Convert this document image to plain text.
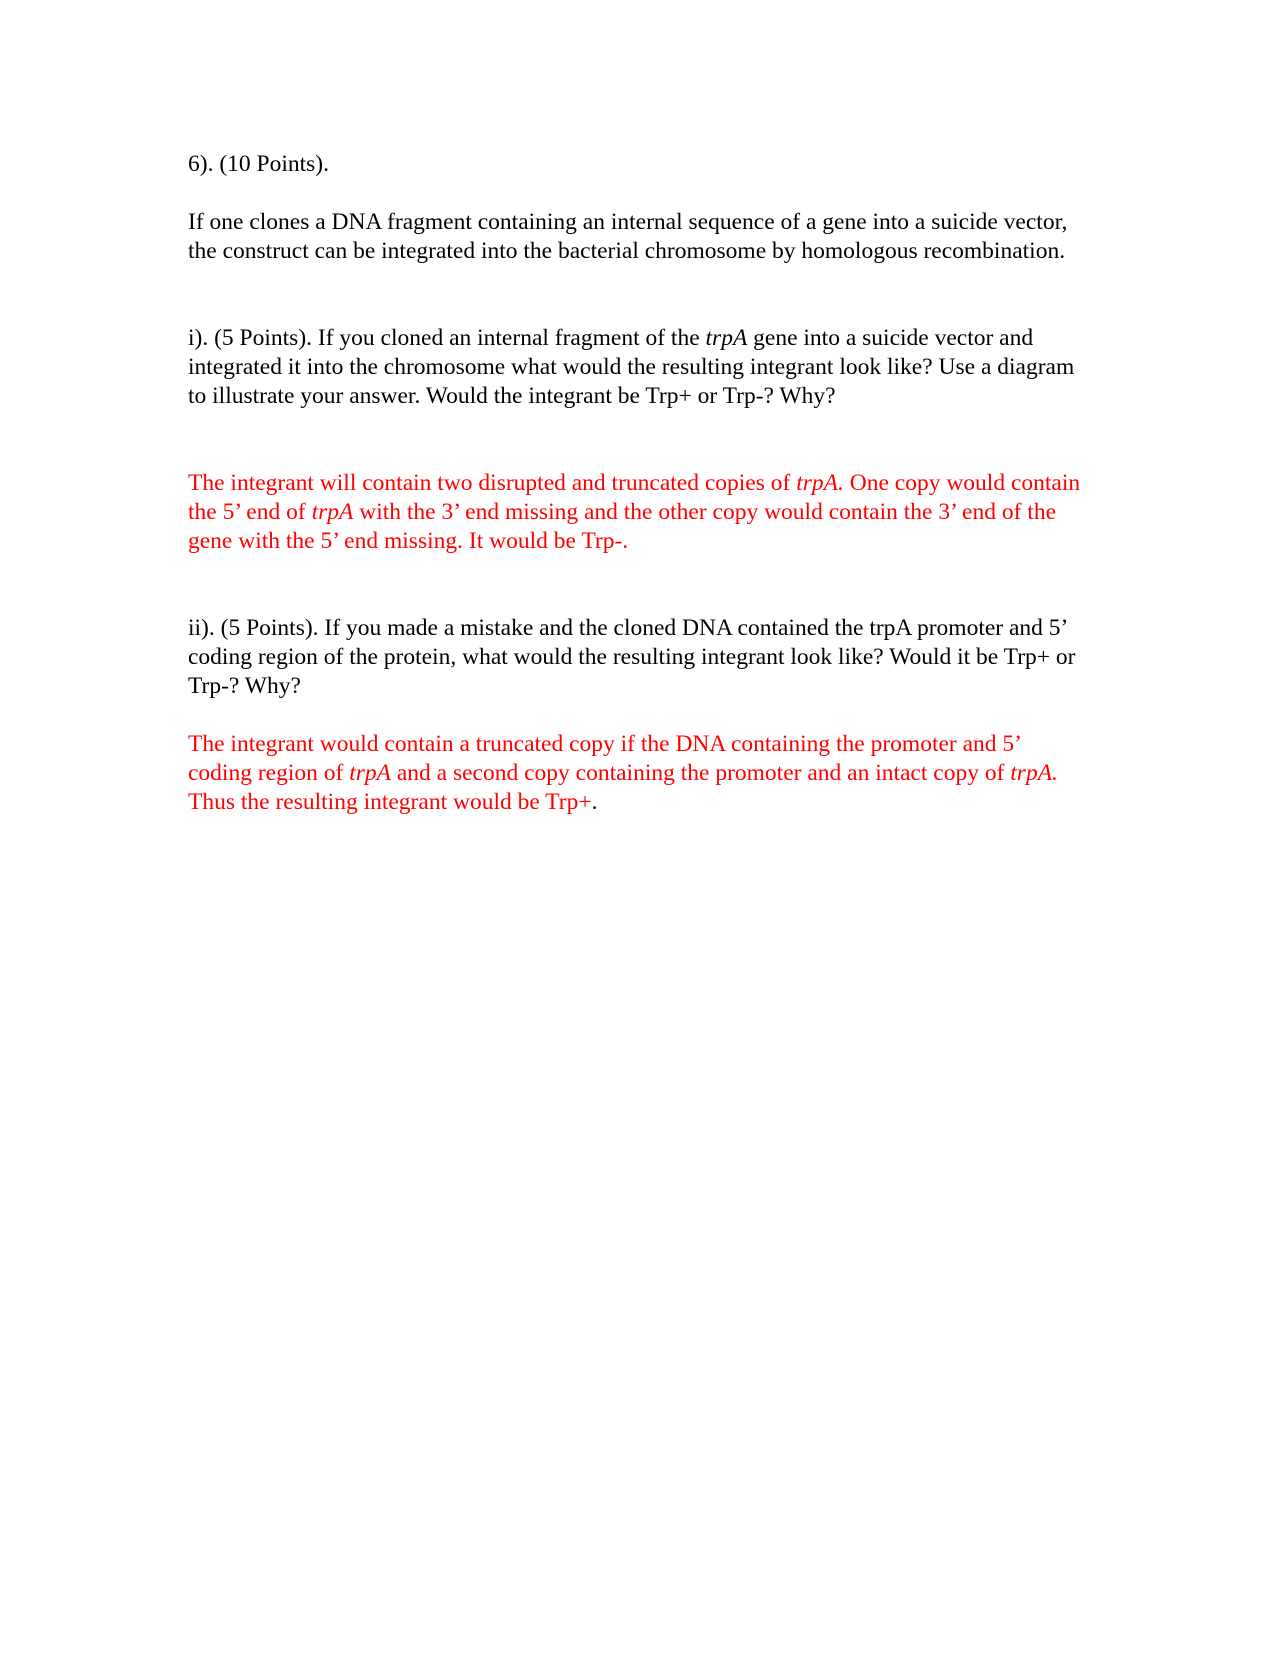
6). (10 Points).

If one clones a DNA fragment containing an internal sequence of a gene into a suicide vector, the construct can be integrated into the bacterial chromosome by homologous recombination.

i). (5 Points). If you cloned an internal fragment of the trpA gene into a suicide vector and integrated it into the chromosome what would the resulting integrant look like? Use a diagram to illustrate your answer. Would the integrant be Trp+ or Trp-? Why?

The integrant will contain two disrupted and truncated copies of trpA. One copy would contain the 5’ end of trpA with the 3’ end missing and the other copy would contain the 3’ end of the gene with the 5’ end missing. It would be Trp-.

ii). (5 Points). If you made a mistake and the cloned DNA contained the trpA promoter and 5’ coding region of the protein, what would the resulting integrant look like? Would it be Trp+ or Trp-? Why?

The integrant would contain a truncated copy if the DNA containing the promoter and 5’ coding region of trpA and a second copy containing the promoter and an intact copy of trpA. Thus the resulting integrant would be Trp+.
